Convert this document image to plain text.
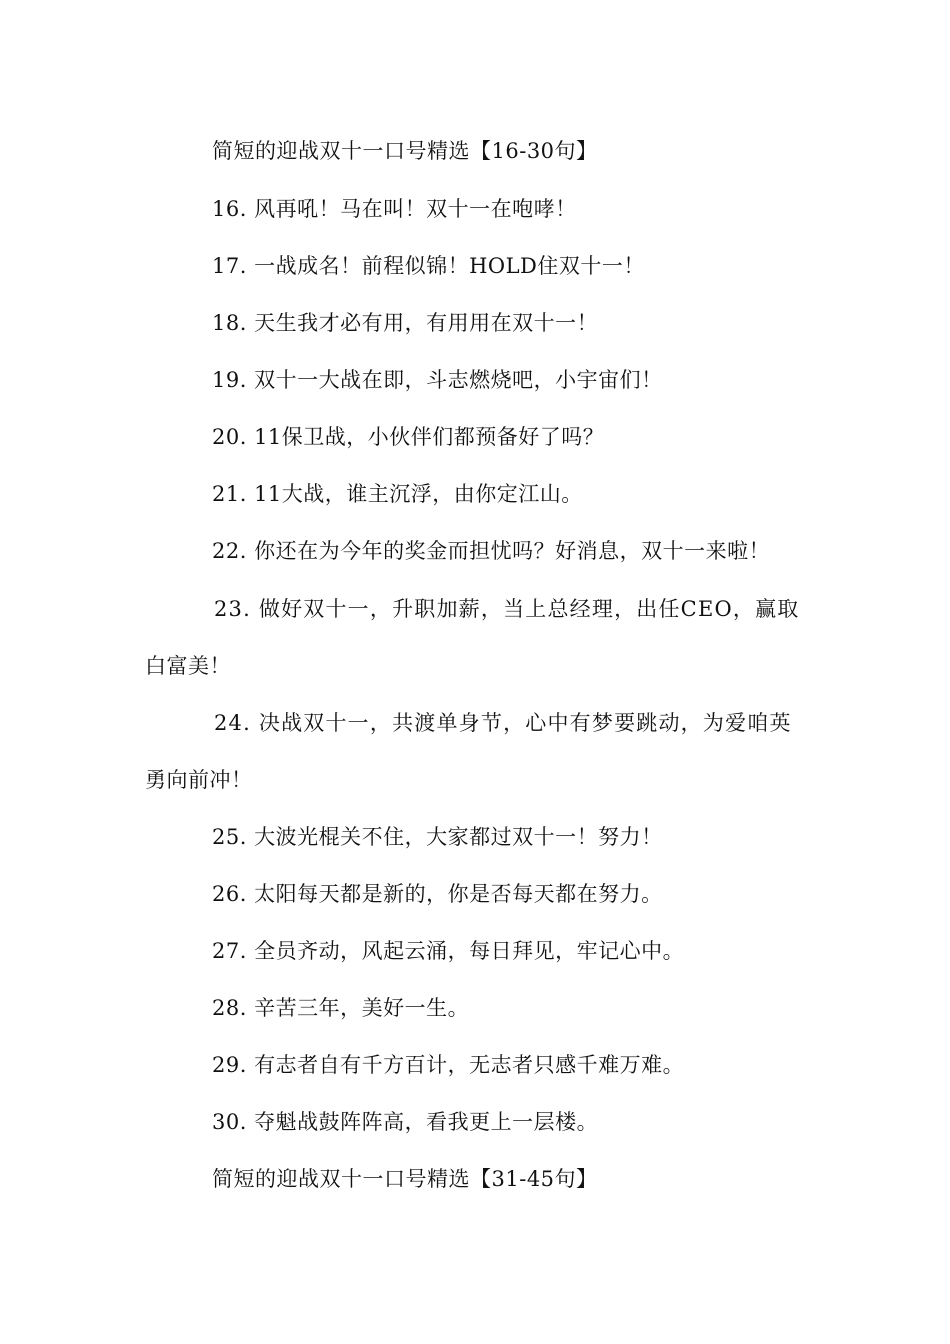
简短的迎战双十一口号精选【16-30句】
16. 风再吼！马在叫！双十一在咆哮！
17. 一战成名！前程似锦！HOLD住双十一！
18. 天生我才必有用，有用用在双十一！
19. 双十一大战在即，斗志燃烧吧，小宇宙们！
20. 11保卫战，小伙伴们都预备好了吗？
21. 11大战，谁主沉浮，由你定江山。
22. 你还在为今年的奖金而担忧吗？好消息，双十一来啦！
23. 做好双十一，升职加薪，当上总经理，出任CEO，赢取
白富美！
24. 决战双十一，共渡单身节，心中有梦要跳动，为爱咱英
勇向前冲！
25. 大波光棍关不住，大家都过双十一！努力！
26. 太阳每天都是新的，你是否每天都在努力。
27. 全员齐动，风起云涌，每日拜见，牢记心中。
28. 辛苦三年，美好一生。
29. 有志者自有千方百计，无志者只感千难万难。
30. 夺魁战鼓阵阵高，看我更上一层楼。
简短的迎战双十一口号精选【31-45句】
